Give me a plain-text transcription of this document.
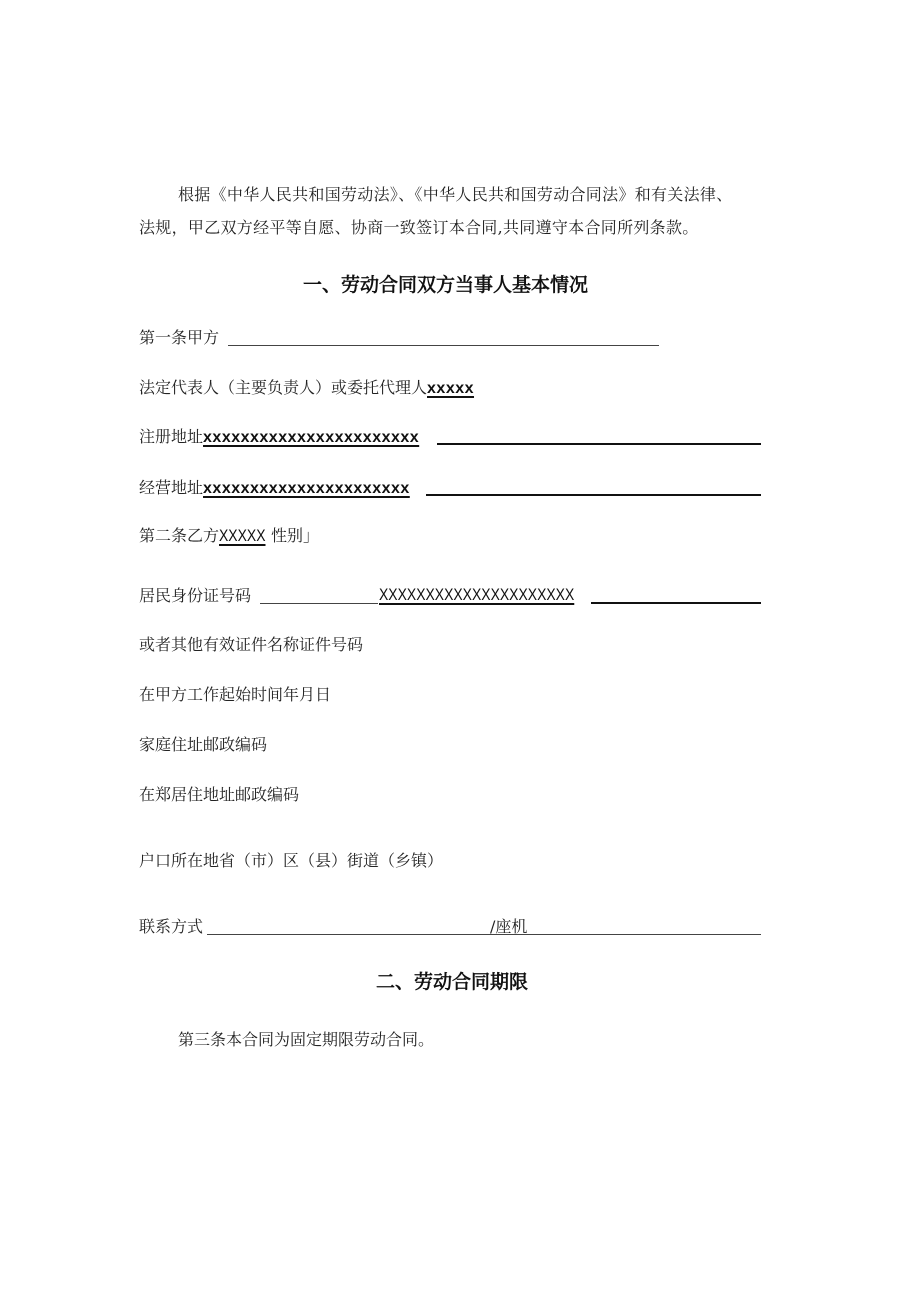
根据《中华人民共和国劳动法》、《中华人民共和国劳动合同法》和有关法律、
法规，甲乙双方经平等自愿、协商一致签订本合同,共同遵守本合同所列条款。
一、劳动合同双方当事人基本情况
第一条甲方
法定代表人（主要负责人）或委托代理人xxxxx
注册地址xxxxxxxxxxxxxxxxxxxxxxx
经营地址xxxxxxxxxxxxxxxxxxxxxx
第二条乙方XXXXX 性别」
居民身份证号码	XXXXXXXXXXXXXXXXXXXXX
或者其他有效证件名称证件号码
在甲方工作起始时间年月日
家庭住址邮政编码
在郑居住地址邮政编码
户口所在地省（市）区（县）街道（乡镇）
联系方式	/座机
二、劳动合同期限
第三条本合同为固定期限劳动合同。
